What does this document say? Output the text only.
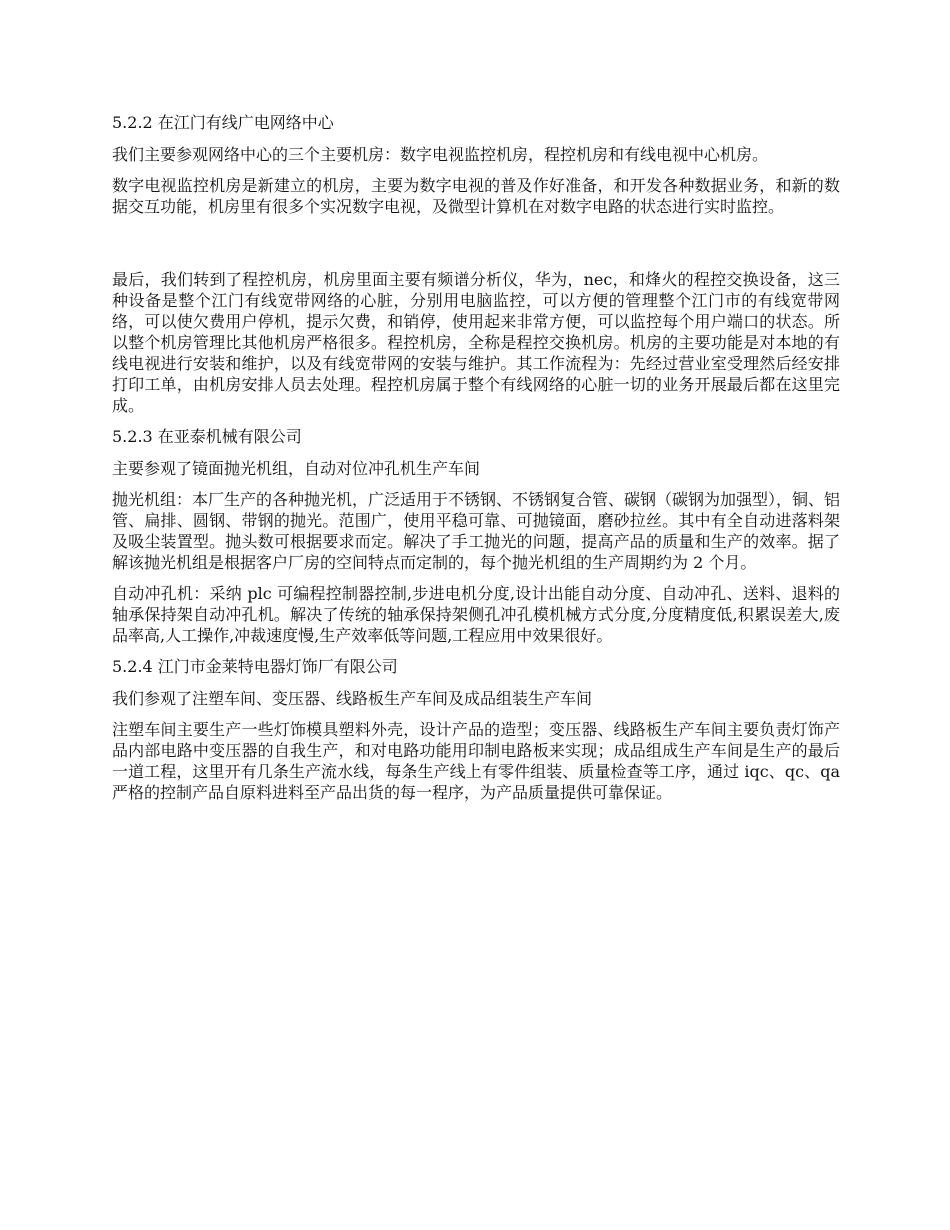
5.2.2 在江门有线广电网络中心

我们主要参观网络中心的三个主要机房：数字电视监控机房，程控机房和有线电视中心机房。

数字电视监控机房是新建立的机房，主要为数字电视的普及作好准备，和开发各种数据业务，和新的数据交互功能，机房里有很多个实况数字电视，及微型计算机在对数字电路的状态进行实时监控。

最后，我们转到了程控机房，机房里面主要有频谱分析仪，华为，nec，和烽火的程控交换设备，这三种设备是整个江门有线宽带网络的心脏，分别用电脑监控，可以方便的管理整个江门市的有线宽带网络，可以使欠费用户停机，提示欠费，和销停，使用起来非常方便，可以监控每个用户端口的状态。所以整个机房管理比其他机房严格很多。程控机房，全称是程控交换机房。机房的主要功能是对本地的有线电视进行安装和维护，以及有线宽带网的安装与维护。其工作流程为：先经过营业室受理然后经安排打印工单，由机房安排人员去处理。程控机房属于整个有线网络的心脏一切的业务开展最后都在这里完成。

5.2.3 在亚泰机械有限公司

主要参观了镜面抛光机组，自动对位冲孔机生产车间

抛光机组：本厂生产的各种抛光机，广泛适用于不锈钢、不锈钢复合管、碳钢（碳钢为加强型），铜、铝管、扁排、圆钢、带钢的抛光。范围广，使用平稳可靠、可抛镜面，磨砂拉丝。其中有全自动进落料架及吸尘装置型。抛头数可根据要求而定。解决了手工抛光的问题，提高产品的质量和生产的效率。据了解该抛光机组是根据客户厂房的空间特点而定制的，每个抛光机组的生产周期约为 2 个月。

自动冲孔机：采纳 plc 可编程控制器控制,步进电机分度,设计出能自动分度、自动冲孔、送料、退料的轴承保持架自动冲孔机。解决了传统的轴承保持架侧孔冲孔模机械方式分度,分度精度低,积累误差大,废品率高,人工操作,冲裁速度慢,生产效率低等问题,工程应用中效果很好。

5.2.4 江门市金莱特电器灯饰厂有限公司

我们参观了注塑车间、变压器、线路板生产车间及成品组装生产车间

注塑车间主要生产一些灯饰模具塑料外壳，设计产品的造型；变压器、线路板生产车间主要负责灯饰产品内部电路中变压器的自我生产，和对电路功能用印制电路板来实现；成品组成生产车间是生产的最后一道工程，这里开有几条生产流水线，每条生产线上有零件组装、质量检查等工序，通过 iqc、qc、qa 严格的控制产品自原料进料至产品出货的每一程序，为产品质量提供可靠保证。
